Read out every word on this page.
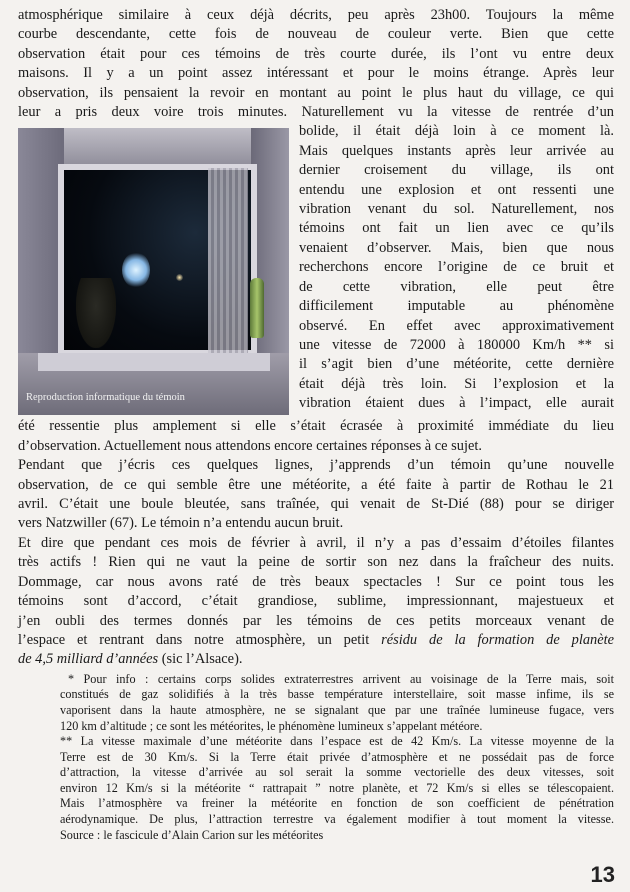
atmosphérique similaire à ceux déjà décrits, peu après 23h00. Toujours la même
courbe descendante, cette fois de nouveau de couleur verte. Bien que cette
observation était pour ces témoins de très courte durée, ils l’ont vu entre deux
maisons. Il y a un point assez intéressant et pour le moins étrange. Après leur
observation, ils pensaient la revoir en montant au point le plus haut du village, ce qui
leur a pris deux voire trois minutes. Naturellement vu la vitesse de rentrée d’un
Reproduction informatique du témoin
bolide, il était déjà loin à ce moment là.
Mais quelques instants après leur arrivée au
dernier croisement du village, ils ont
entendu une explosion et ont ressenti une
vibration venant du sol. Naturellement, nos
témoins ont fait un lien avec ce qu’ils
venaient d’observer. Mais, bien que nous
recherchons encore l’origine de ce bruit et
de cette vibration, elle peut être
difficilement imputable au phénomène
observé. En effet avec approximativement
une vitesse de 72000 à 180000 Km/h ** si
il s’agit bien d’une météorite, cette dernière
était déjà très loin. Si l’explosion et la
vibration étaient dues à l’impact, elle aurait
été ressentie plus amplement si elle s’était écrasée à proximité immédiate du lieu
d’observation. Actuellement nous attendons encore certaines réponses à ce sujet.
Pendant que j’écris ces quelques lignes, j’apprends d’un témoin qu’une nouvelle
observation, de ce qui semble être une météorite, a été faite à partir de Rothau le 21
avril. C’était une boule bleutée, sans traînée, qui venait de St-Dié (88) pour se diriger
vers Natzwiller (67). Le témoin n’a entendu aucun bruit.
Et dire que pendant ces mois de février à avril, il n’y a pas d’essaim d’étoiles filantes
très actifs ! Rien qui ne vaut la peine de sortir son nez dans la fraîcheur des nuits.
Dommage, car nous avons raté de très beaux spectacles ! Sur ce point tous les
témoins sont d’accord, c’était grandiose, sublime, impressionnant, majestueux et
j’en oubli des termes donnés par les témoins de ces petits morceaux venant de
l’espace et rentrant dans notre atmosphère, un petit résidu de la formation de planète
de 4,5 milliard d’années (sic l’Alsace).
* Pour info : certains corps solides extraterrestres arrivent au voisinage de la Terre mais, soit
constitués de gaz solidifiés à la très basse température interstellaire, soit masse infime, ils se
vaporisent dans la haute atmosphère, ne se signalant que par une traînée lumineuse fugace, vers
120 km d’altitude ; ce sont les météorites, le phénomène lumineux s’appelant météore.
** La vitesse maximale d’une météorite dans l’espace est de 42 Km/s. La vitesse moyenne de la
Terre est de 30 Km/s. Si la Terre était privée d’atmosphère et ne possédait pas de force
d’attraction, la vitesse d’arrivée au sol serait la somme vectorielle des deux vitesses, soit
environ 12 Km/s si la météorite “ rattrapait ” notre planète, et 72 Km/s si elles se télescopaient.
Mais l’atmosphère va freiner la météorite en fonction de son coefficient de pénétration
aérodynamique. De plus, l’attraction terrestre va également modifier à tout moment la vitesse.
Source : le fascicule d’Alain Carion sur les météorites
13
